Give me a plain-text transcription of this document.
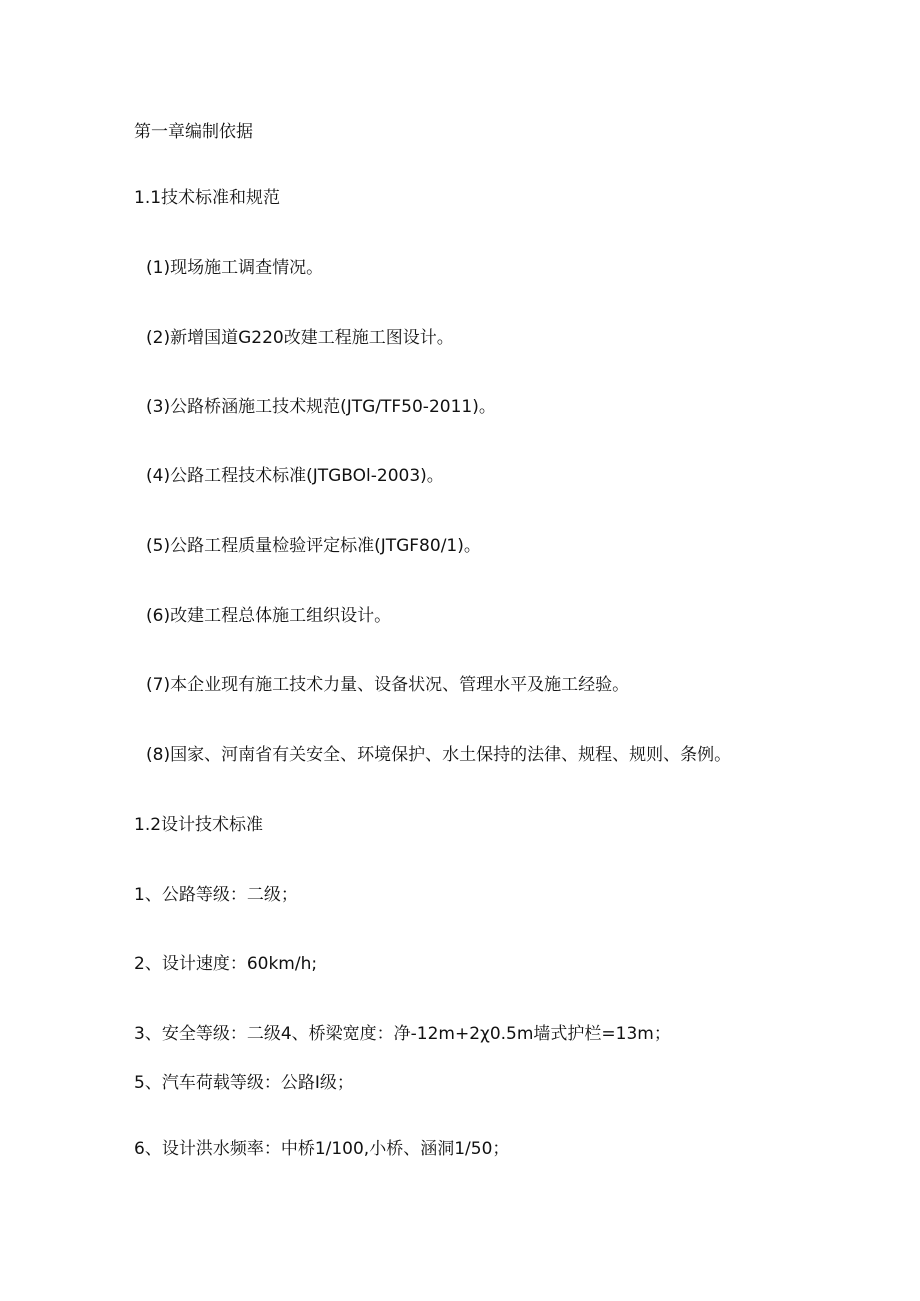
第一章编制依据
1.1技术标准和规范
(1)现场施工调查情况。
(2)新增国道G220改建工程施工图设计。
(3)公路桥涵施工技术规范(JTG/TF50-2011)。
(4)公路工程技术标准(JTGBOl-2003)。
(5)公路工程质量检验评定标准(JTGF80/1)。
(6)改建工程总体施工组织设计。
(7)本企业现有施工技术力量、设备状况、管理水平及施工经验。
(8)国家、河南省有关安全、环境保护、水土保持的法律、规程、规则、条例。
1.2设计技术标准
1、公路等级：二级；
2、设计速度：60km/h;
3、安全等级：二级4、桥梁宽度：净-12m+2χ0.5m墙式护栏=13m；
5、汽车荷载等级：公路Ⅰ级；
6、设计洪水频率：中桥1/100,小桥、涵洞1/50；
